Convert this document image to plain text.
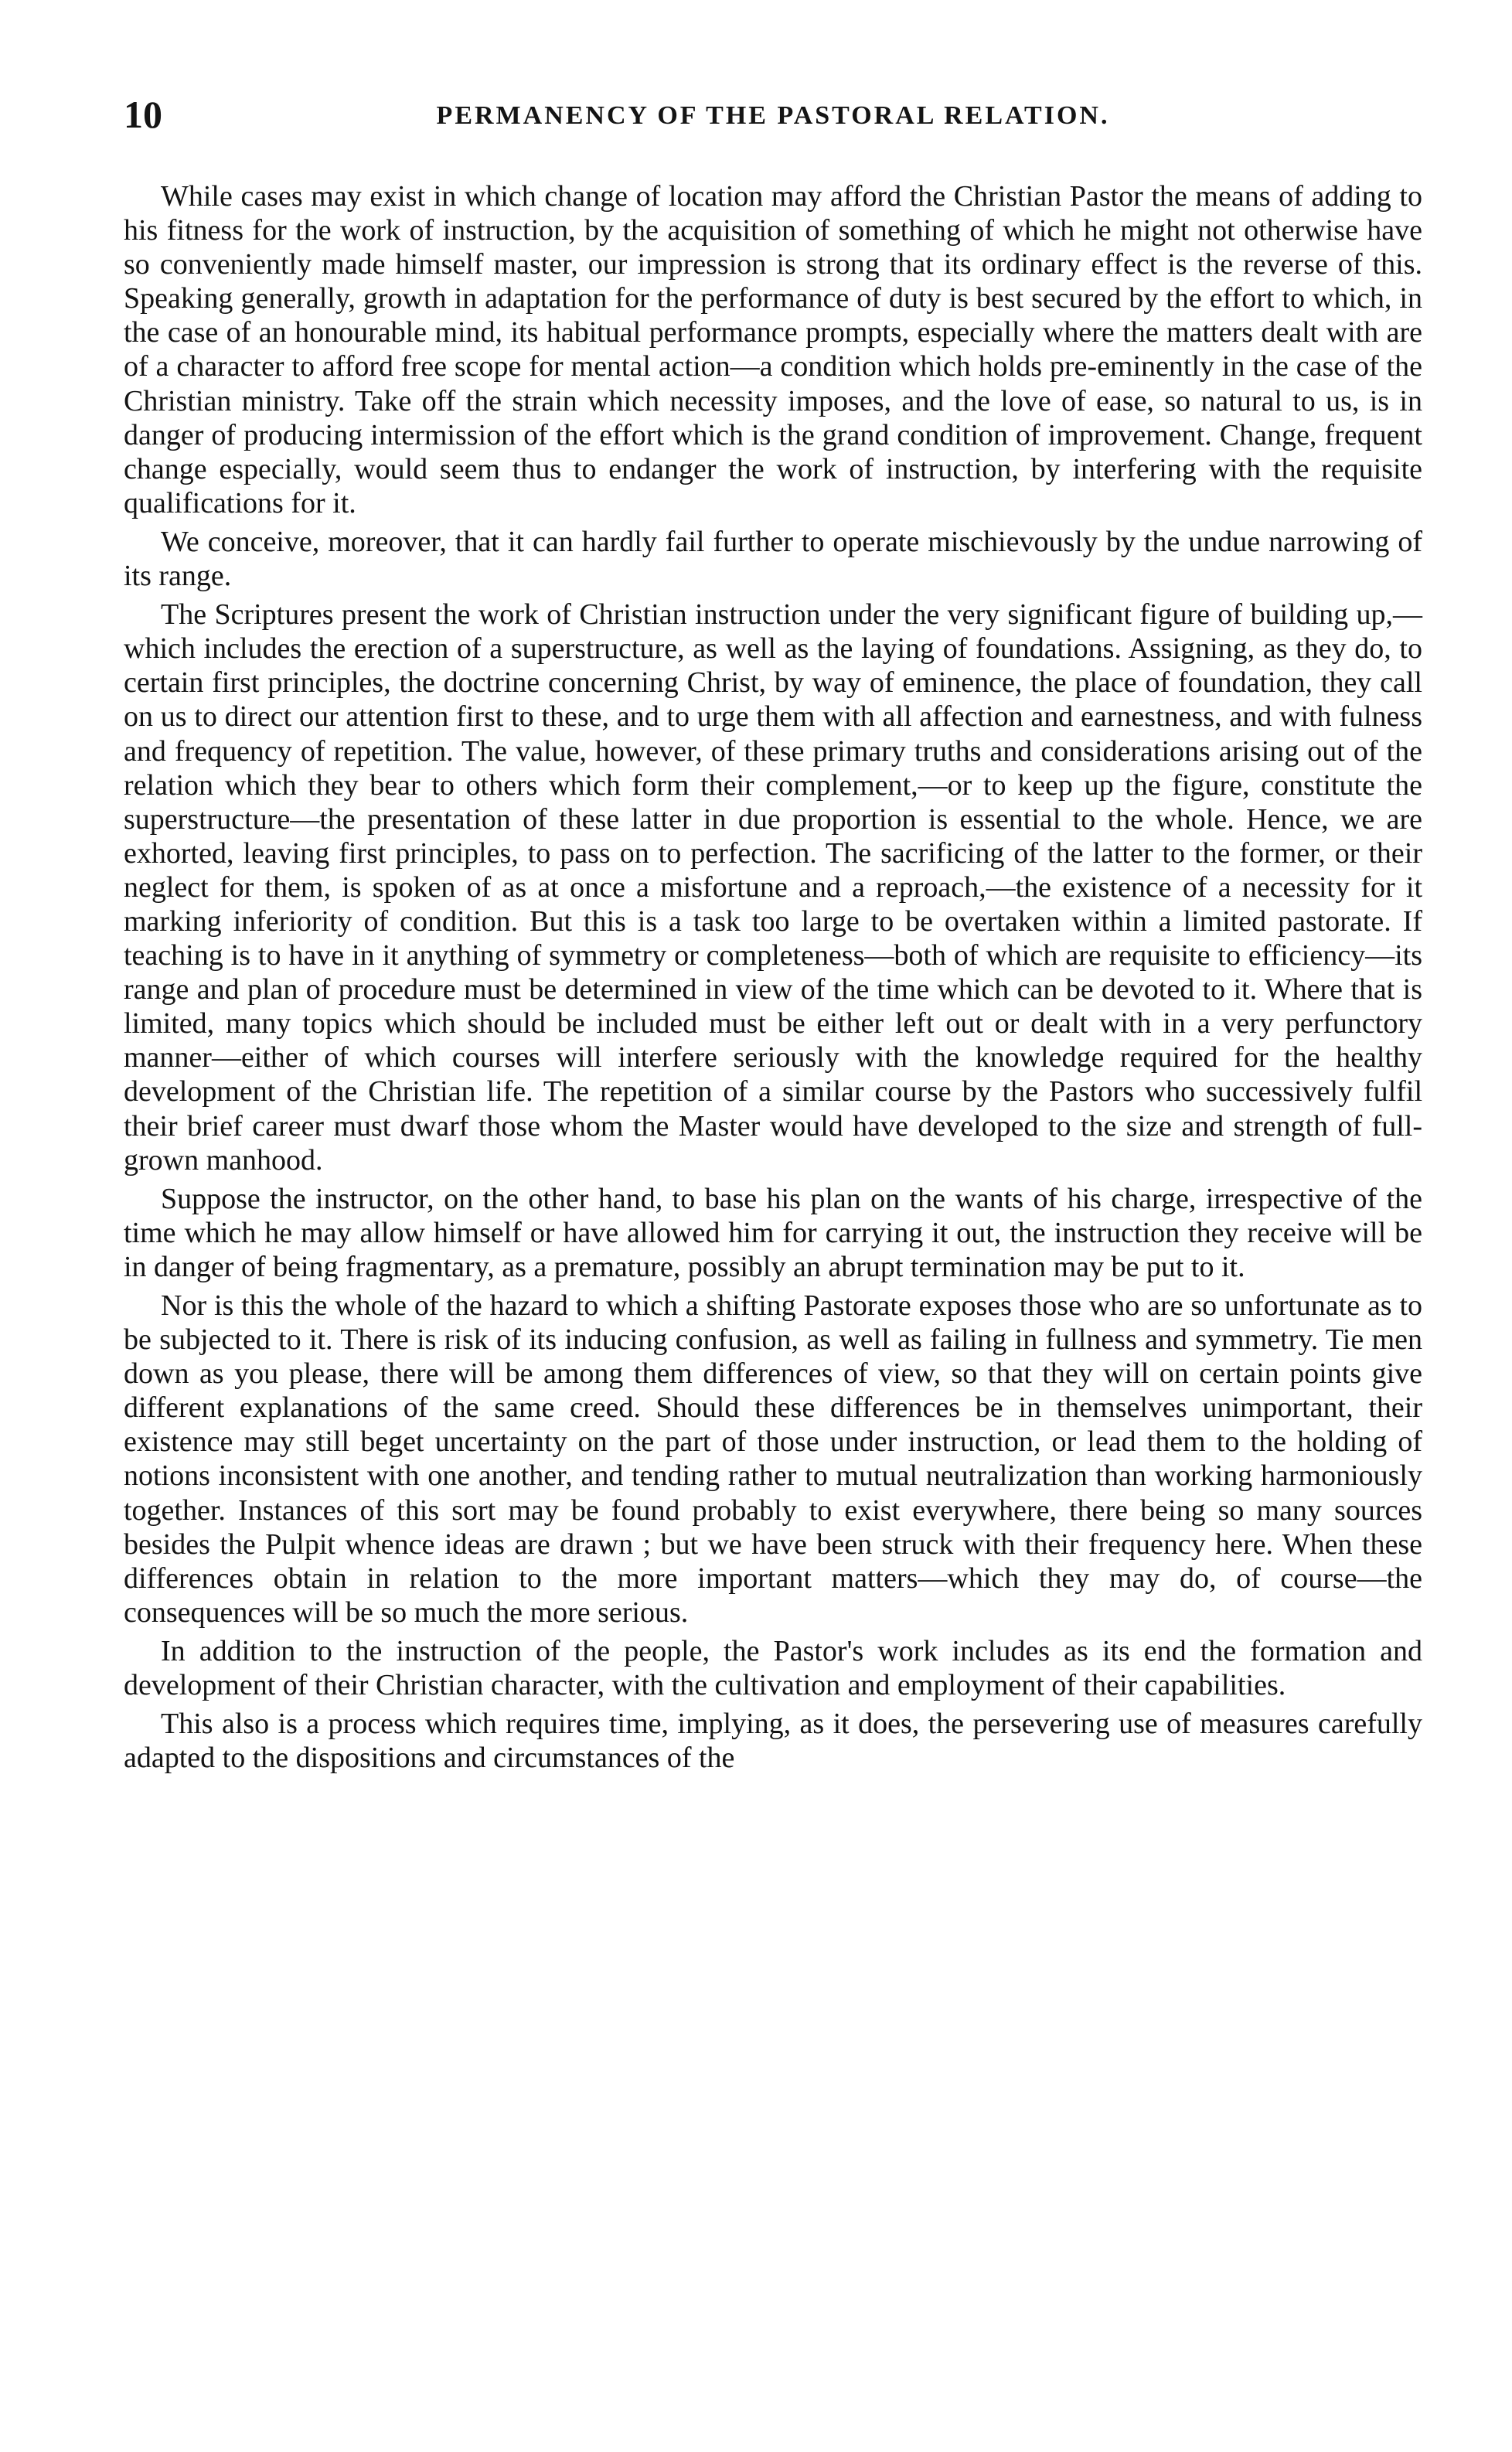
10	PERMANENCY OF THE PASTORAL RELATION.

While cases may exist in which change of location may afford the Christian Pastor the means of adding to his fitness for the work of instruction, by the acquisition of something of which he might not otherwise have so conveniently made himself master, our impression is strong that its ordinary effect is the reverse of this. Speaking generally, growth in adaptation for the performance of duty is best secured by the effort to which, in the case of an honourable mind, its habitual performance prompts, especially where the matters dealt with are of a character to afford free scope for mental action—a condition which holds pre-eminently in the case of the Christian ministry. Take off the strain which necessity imposes, and the love of ease, so natural to us, is in danger of producing intermission of the effort which is the grand condition of improvement. Change, frequent change especially, would seem thus to endanger the work of instruction, by interfering with the requisite qualifications for it.

We conceive, moreover, that it can hardly fail further to operate mischievously by the undue narrowing of its range.

The Scriptures present the work of Christian instruction under the very significant figure of building up,—which includes the erection of a superstructure, as well as the laying of foundations. Assigning, as they do, to certain first principles, the doctrine concerning Christ, by way of eminence, the place of foundation, they call on us to direct our attention first to these, and to urge them with all affection and earnestness, and with fulness and frequency of repetition. The value, however, of these primary truths and considerations arising out of the relation which they bear to others which form their complement,—or to keep up the figure, constitute the superstructure—the presentation of these latter in due proportion is essential to the whole. Hence, we are exhorted, leaving first principles, to pass on to perfection. The sacrificing of the latter to the former, or their neglect for them, is spoken of as at once a misfortune and a reproach,—the existence of a necessity for it marking inferiority of condition. But this is a task too large to be overtaken within a limited pastorate. If teaching is to have in it anything of symmetry or completeness—both of which are requisite to efficiency—its range and plan of procedure must be determined in view of the time which can be devoted to it. Where that is limited, many topics which should be included must be either left out or dealt with in a very perfunctory manner—either of which courses will interfere seriously with the knowledge required for the healthy development of the Christian life. The repetition of a similar course by the Pastors who successively fulfil their brief career must dwarf those whom the Master would have developed to the size and strength of full-grown manhood.

Suppose the instructor, on the other hand, to base his plan on the wants of his charge, irrespective of the time which he may allow himself or have allowed him for carrying it out, the instruction they receive will be in danger of being fragmentary, as a premature, possibly an abrupt termination may be put to it.

Nor is this the whole of the hazard to which a shifting Pastorate exposes those who are so unfortunate as to be subjected to it. There is risk of its inducing confusion, as well as failing in fullness and symmetry. Tie men down as you please, there will be among them differences of view, so that they will on certain points give different explanations of the same creed. Should these differences be in themselves unimportant, their existence may still beget uncertainty on the part of those under instruction, or lead them to the holding of notions inconsistent with one another, and tending rather to mutual neutralization than working harmoniously together. Instances of this sort may be found probably to exist everywhere, there being so many sources besides the Pulpit whence ideas are drawn ; but we have been struck with their frequency here. When these differences obtain in relation to the more important matters—which they may do, of course—the consequences will be so much the more serious.

In addition to the instruction of the people, the Pastor's work includes as its end the formation and development of their Christian character, with the cultivation and employment of their capabilities.

This also is a process which requires time, implying, as it does, the persevering use of measures carefully adapted to the dispositions and circumstances of the
